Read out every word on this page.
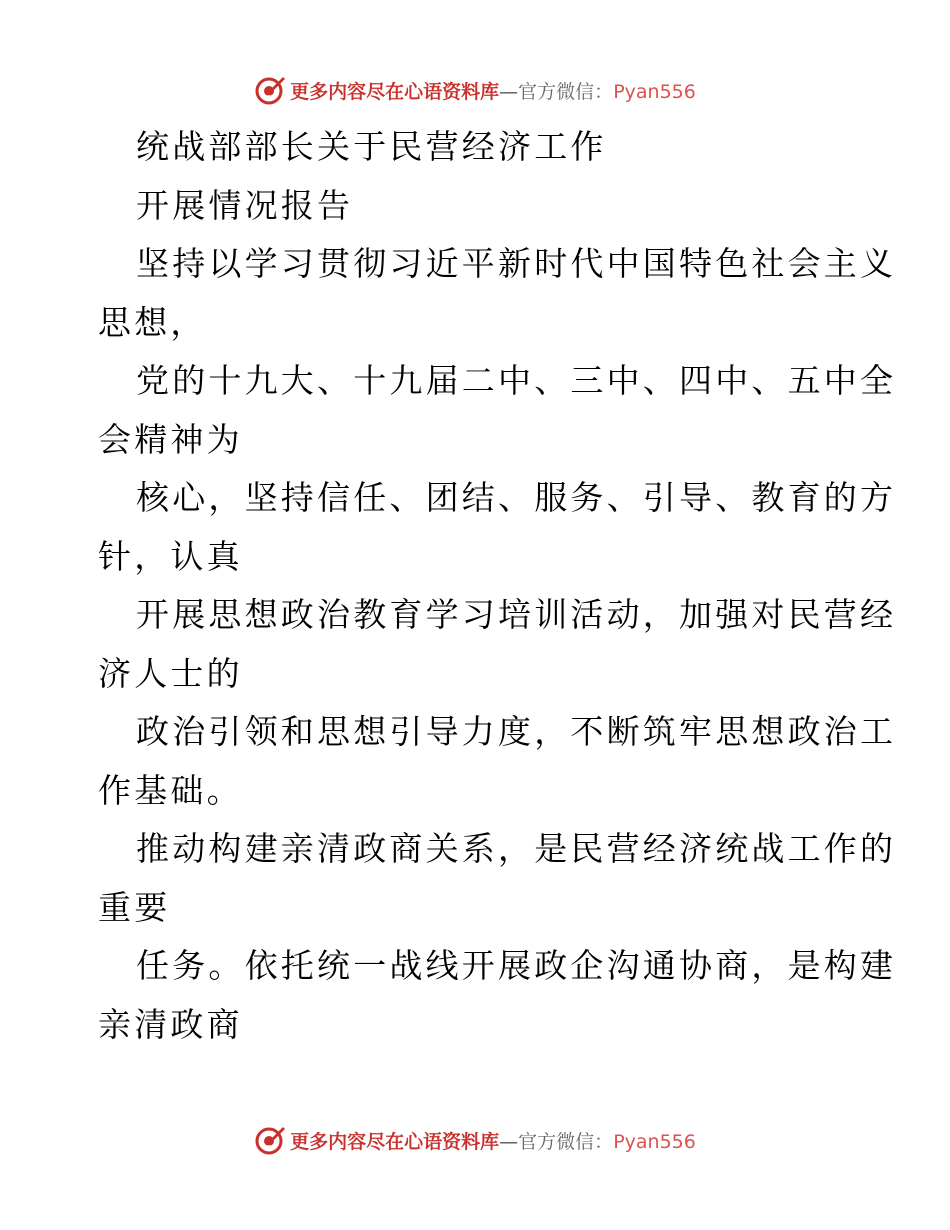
更多内容尽在心语资料库—官方微信：Pyan556
统战部部长关于民营经济工作
开展情况报告
坚持以学习贯彻习近平新时代中国特色社会主义
思想，
党的十九大、十九届二中、三中、四中、五中全
会精神为
核心，坚持信任、团结、服务、引导、教育的方
针，认真
开展思想政治教育学习培训活动，加强对民营经
济人士的
政治引领和思想引导力度，不断筑牢思想政治工
作基础。
推动构建亲清政商关系，是民营经济统战工作的
重要
任务。依托统一战线开展政企沟通协商，是构建
亲清政商
更多内容尽在心语资料库—官方微信：Pyan556
